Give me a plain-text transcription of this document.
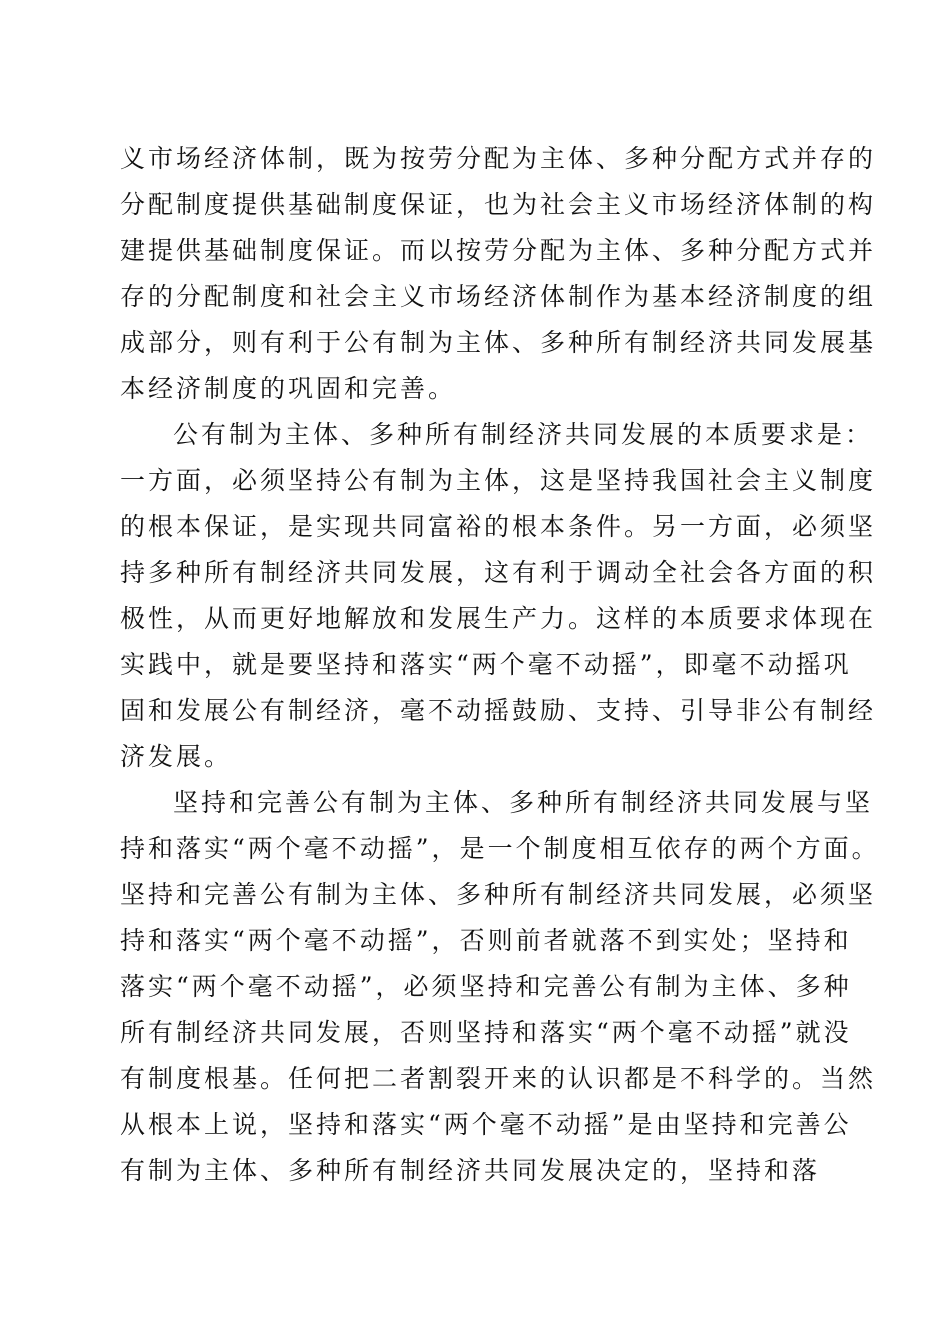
义市场经济体制，既为按劳分配为主体、多种分配方式并存的
分配制度提供基础制度保证，也为社会主义市场经济体制的构
建提供基础制度保证。而以按劳分配为主体、多种分配方式并
存的分配制度和社会主义市场经济体制作为基本经济制度的组
成部分，则有利于公有制为主体、多种所有制经济共同发展基
本经济制度的巩固和完善。
公有制为主体、多种所有制经济共同发展的本质要求是：
一方面，必须坚持公有制为主体，这是坚持我国社会主义制度
的根本保证，是实现共同富裕的根本条件。另一方面，必须坚
持多种所有制经济共同发展，这有利于调动全社会各方面的积
极性，从而更好地解放和发展生产力。这样的本质要求体现在
实践中，就是要坚持和落实“两个毫不动摇”，即毫不动摇巩
固和发展公有制经济，毫不动摇鼓励、支持、引导非公有制经
济发展。
坚持和完善公有制为主体、多种所有制经济共同发展与坚
持和落实“两个毫不动摇”，是一个制度相互依存的两个方面。
坚持和完善公有制为主体、多种所有制经济共同发展，必须坚
持和落实“两个毫不动摇”，否则前者就落不到实处；坚持和
落实“两个毫不动摇”，必须坚持和完善公有制为主体、多种
所有制经济共同发展，否则坚持和落实“两个毫不动摇”就没
有制度根基。任何把二者割裂开来的认识都是不科学的。当然
从根本上说，坚持和落实“两个毫不动摇”是由坚持和完善公
有制为主体、多种所有制经济共同发展决定的，坚持和落
